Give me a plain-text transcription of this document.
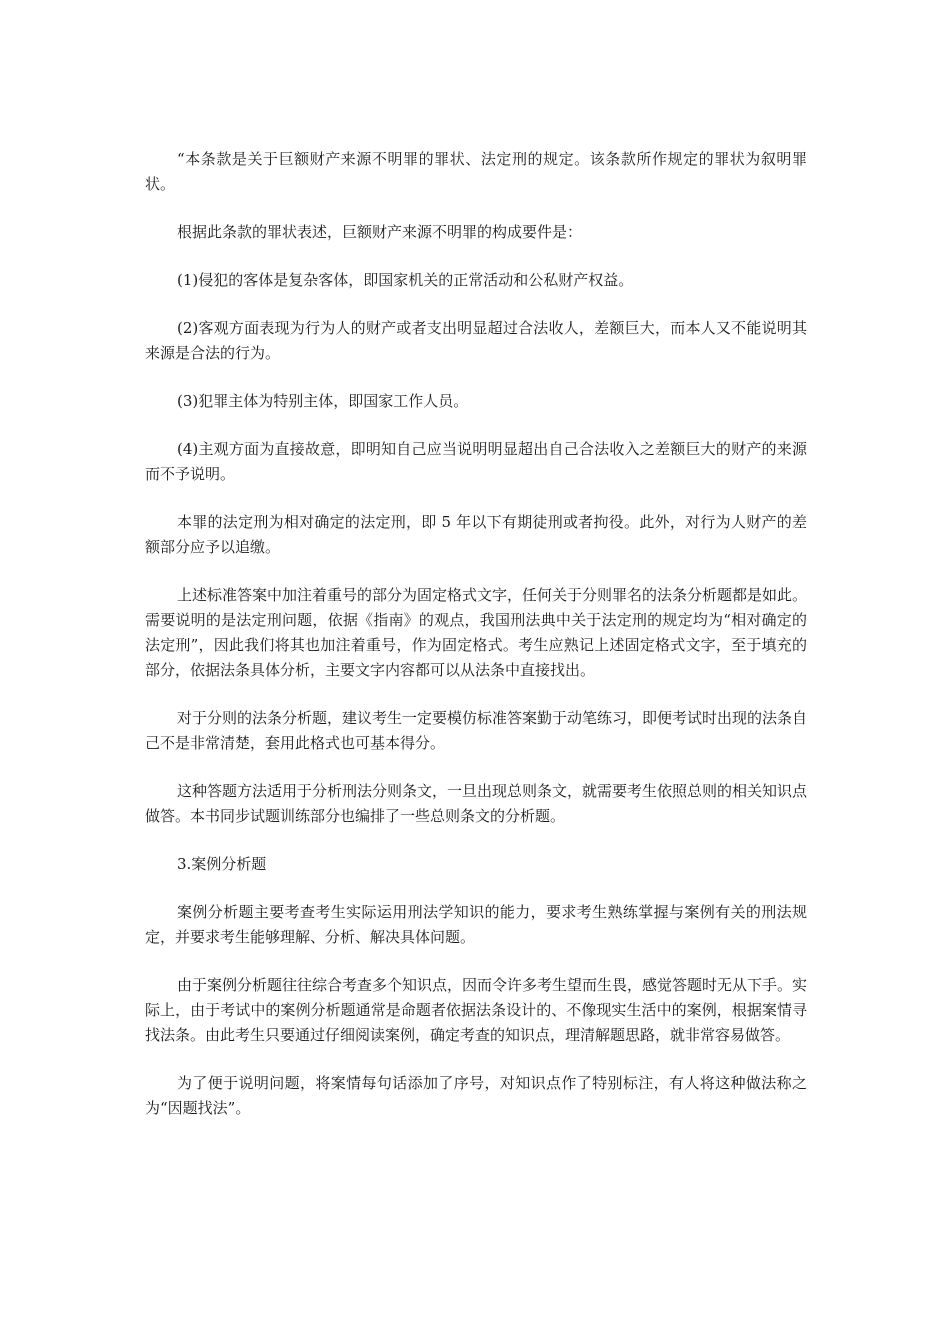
“本条款是关于巨额财产来源不明罪的罪状、法定刑的规定。该条款所作规定的罪状为叙明罪状。

根据此条款的罪状表述，巨额财产来源不明罪的构成要件是：

(1)侵犯的客体是复杂客体，即国家机关的正常活动和公私财产权益。

(2)客观方面表现为行为人的财产或者支出明显超过合法收人，差额巨大，而本人又不能说明其来源是合法的行为。

(3)犯罪主体为特别主体，即国家工作人员。

(4)主观方面为直接故意，即明知自己应当说明明显超出自己合法收入之差额巨大的财产的来源而不予说明。

本罪的法定刑为相对确定的法定刑，即 5 年以下有期徒刑或者拘役。此外，对行为人财产的差额部分应予以追缴。

上述标准答案中加注着重号的部分为固定格式文字，任何关于分则罪名的法条分析题都是如此。需要说明的是法定刑问题，依据《指南》的观点，我国刑法典中关于法定刑的规定均为“相对确定的法定刑”，因此我们将其也加注着重号，作为固定格式。考生应熟记上述固定格式文字，至于填充的部分，依据法条具体分析，主要文字内容都可以从法条中直接找出。

对于分则的法条分析题，建议考生一定要模仿标准答案勤于动笔练习，即便考试时出现的法条自己不是非常清楚，套用此格式也可基本得分。

这种答题方法适用于分析刑法分则条文，一旦出现总则条文，就需要考生依照总则的相关知识点做答。本书同步试题训练部分也编排了一些总则条文的分析题。

3.案例分析题

案例分析题主要考查考生实际运用刑法学知识的能力，要求考生熟练掌握与案例有关的刑法规定，并要求考生能够理解、分析、解决具体问题。

由于案例分析题往往综合考查多个知识点，因而令许多考生望而生畏，感觉答题时无从下手。实际上，由于考试中的案例分析题通常是命题者依据法条设计的、不像现实生活中的案例，根据案情寻找法条。由此考生只要通过仔细阅读案例，确定考查的知识点，理清解题思路，就非常容易做答。

为了便于说明问题，将案情每句话添加了序号，对知识点作了特别标注，有人将这种做法称之为“因题找法”。
